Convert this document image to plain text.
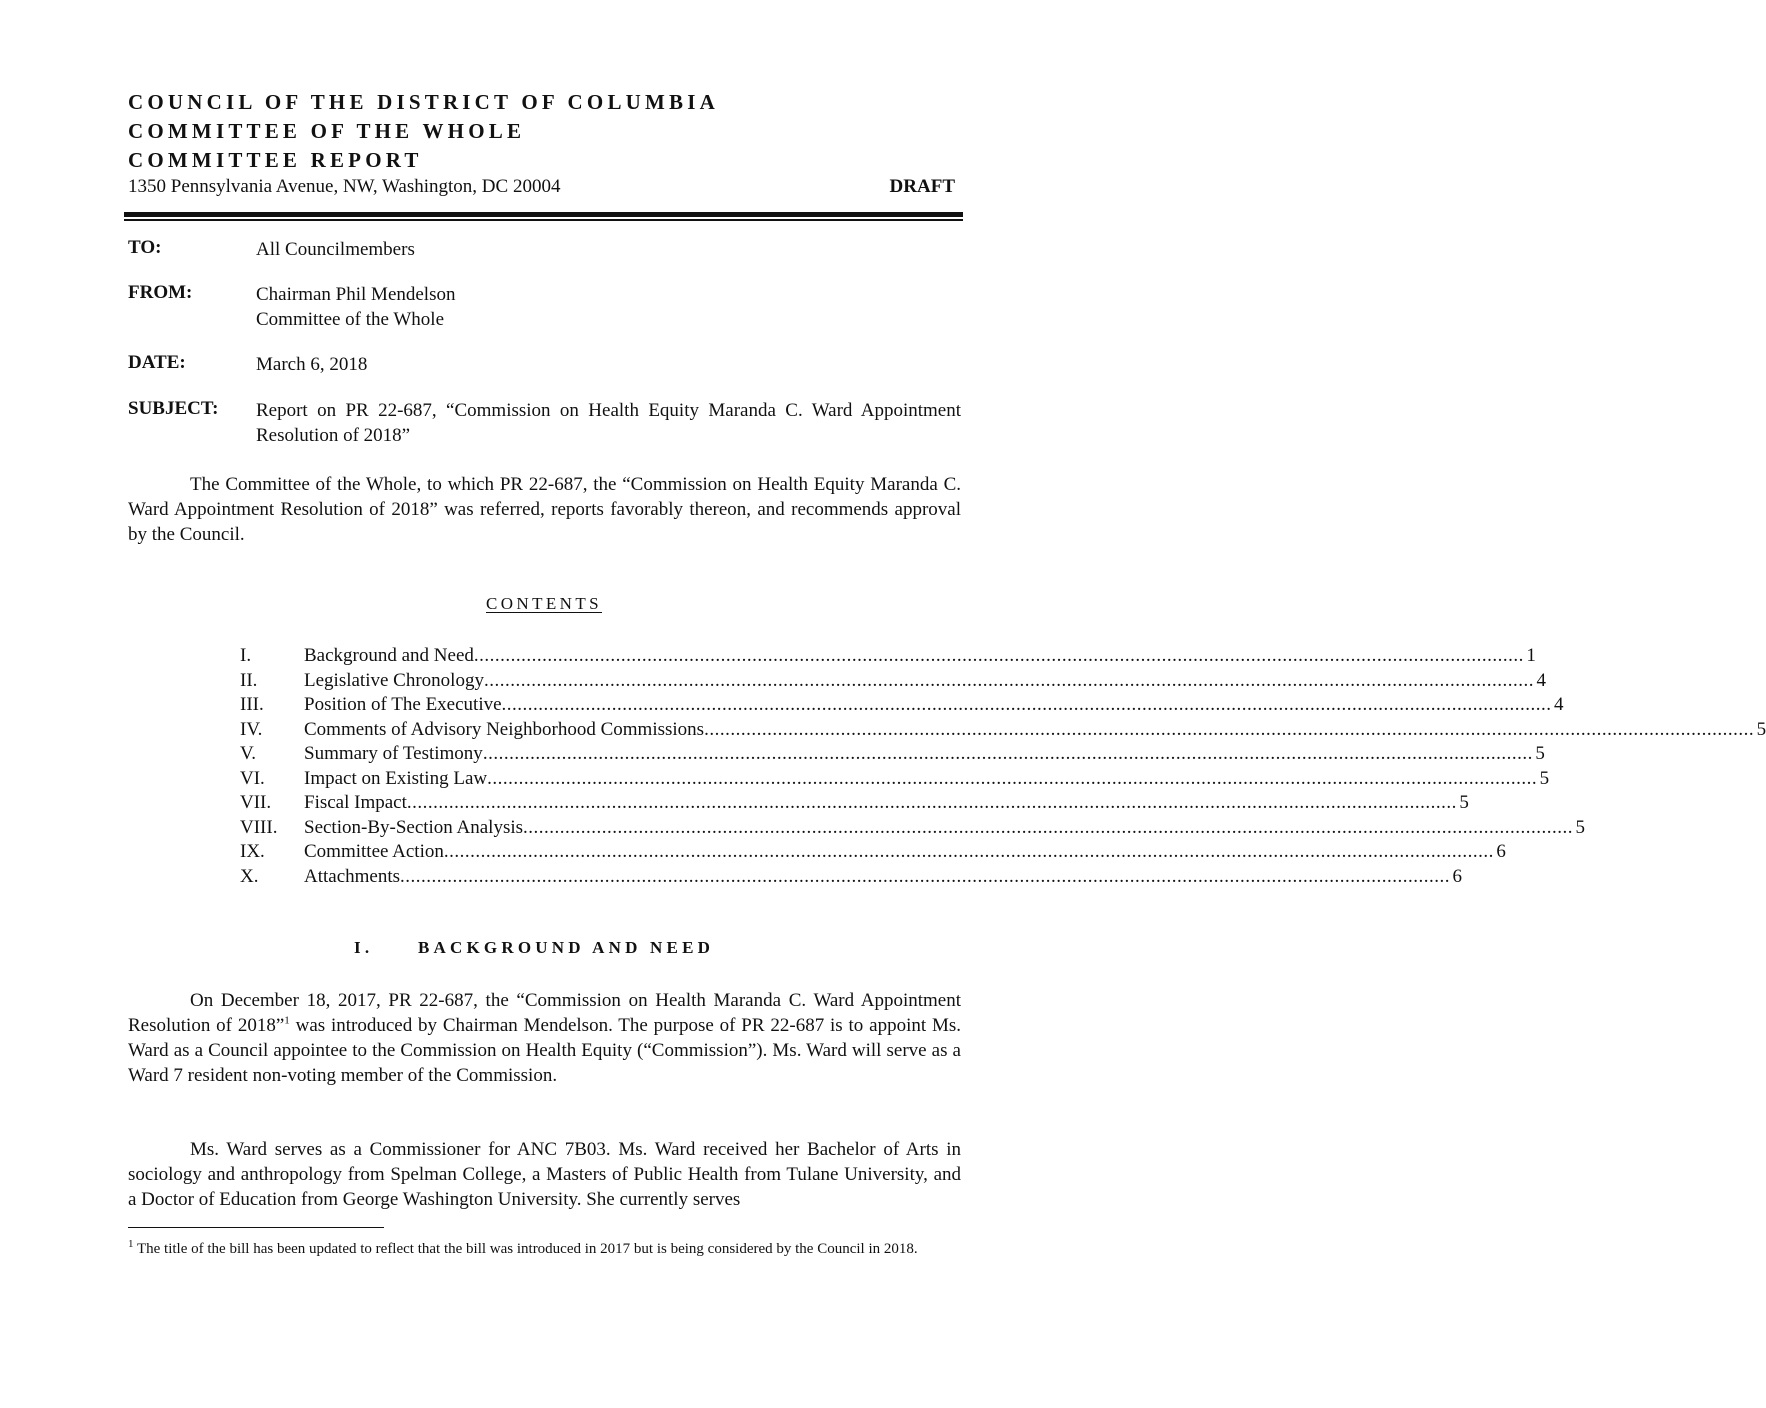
COUNCIL OF THE DISTRICT OF COLUMBIA
COMMITTEE OF THE WHOLE
COMMITTEE REPORT
1350 Pennsylvania Avenue, NW, Washington, DC 20004	DRAFT
TO:	All Councilmembers
FROM:	Chairman Phil Mendelson
Committee of the Whole
DATE:	March 6, 2018
SUBJECT: Report on PR 22-687, “Commission on Health Equity Maranda C. Ward Appointment Resolution of 2018”

The Committee of the Whole, to which PR 22-687, the “Commission on Health Equity Maranda C. Ward Appointment Resolution of 2018” was referred, reports favorably thereon, and recommends approval by the Council.

CONTENTS
I.	Background and Need ........................................................................................................................................................................................................ 1
II.	Legislative Chronology ........................................................................................................................................................................................................ 4
III.	Position of The Executive ........................................................................................................................................................................................................ 4
IV.	Comments of Advisory Neighborhood Commissions ........................................................................................................................................................................................................ 5
V.	Summary of Testimony ........................................................................................................................................................................................................ 5
VI.	Impact on Existing Law ........................................................................................................................................................................................................ 5
VII.	Fiscal Impact ........................................................................................................................................................................................................ 5
VIII.	Section-By-Section Analysis ........................................................................................................................................................................................................ 5
IX.	Committee Action ........................................................................................................................................................................................................ 6
X.	Attachments ........................................................................................................................................................................................................ 6
I.	BACKGROUND AND NEED

On December 18, 2017, PR 22-687, the “Commission on Health Maranda C. Ward Appointment Resolution of 2018”$^1$ was introduced by Chairman Mendelson. The purpose of PR 22-687 is to appoint Ms. Ward as a Council appointee to the Commission on Health Equity (“Commission”). Ms. Ward will serve as a Ward 7 resident non-voting member of the Commission.

Ms. Ward serves as a Commissioner for ANC 7B03. Ms. Ward received her Bachelor of Arts in sociology and anthropology from Spelman College, a Masters of Public Health from Tulane University, and a Doctor of Education from George Washington University. She currently serves

$^1$ The title of the bill has been updated to reflect that the bill was introduced in 2017 but is being considered by the Council in 2018.
